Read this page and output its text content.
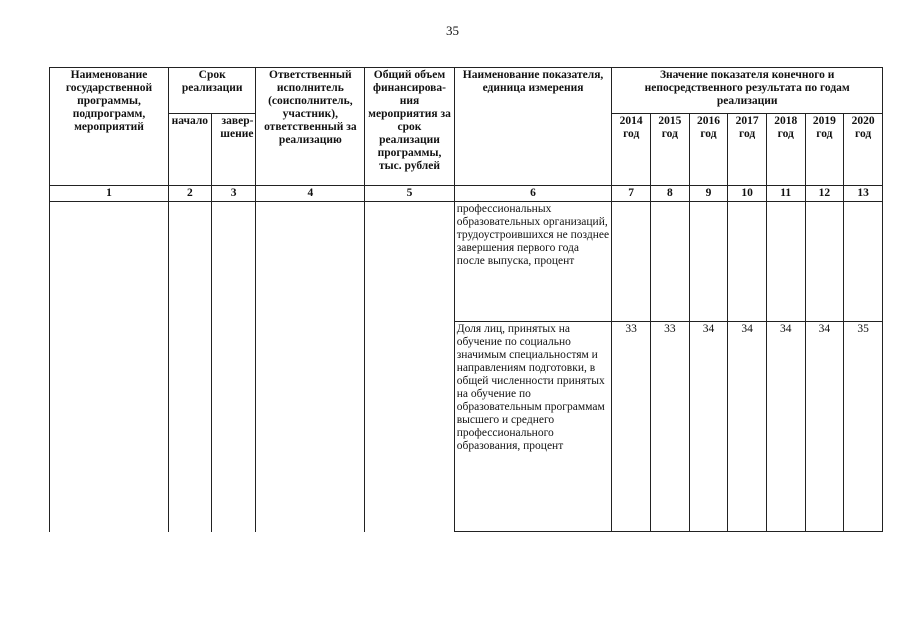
35
Наименование государственной программы, подпрограмм, мероприятий	Срок реализации		Ответственный исполнитель (соисполнитель, участник), ответственный за реализацию	Общий объем финансирова-ния мероприятия за срок реализации программы, тыс. рублей	Наименование показателя, единица измерения	Значение показателя конечного и непосредственного результата по годам реализации						
	начало	завер-шение				2014 год	2015 год	2016 год	2017 год	2018 год	2019 год	2020 год
1	2	3	4	5	6	7	8	9	10	11	12	13
					профессиональных образовательных организаций, трудоустроившихся не позднее завершения первого года после выпуска, процент							
					Доля лиц, принятых на обучение по социально значимым специальностям и направлениям подготовки, в общей численности принятых на обучение по образовательным программам высшего и среднего профессионального образования, процент	33	33	34	34	34	34	35
